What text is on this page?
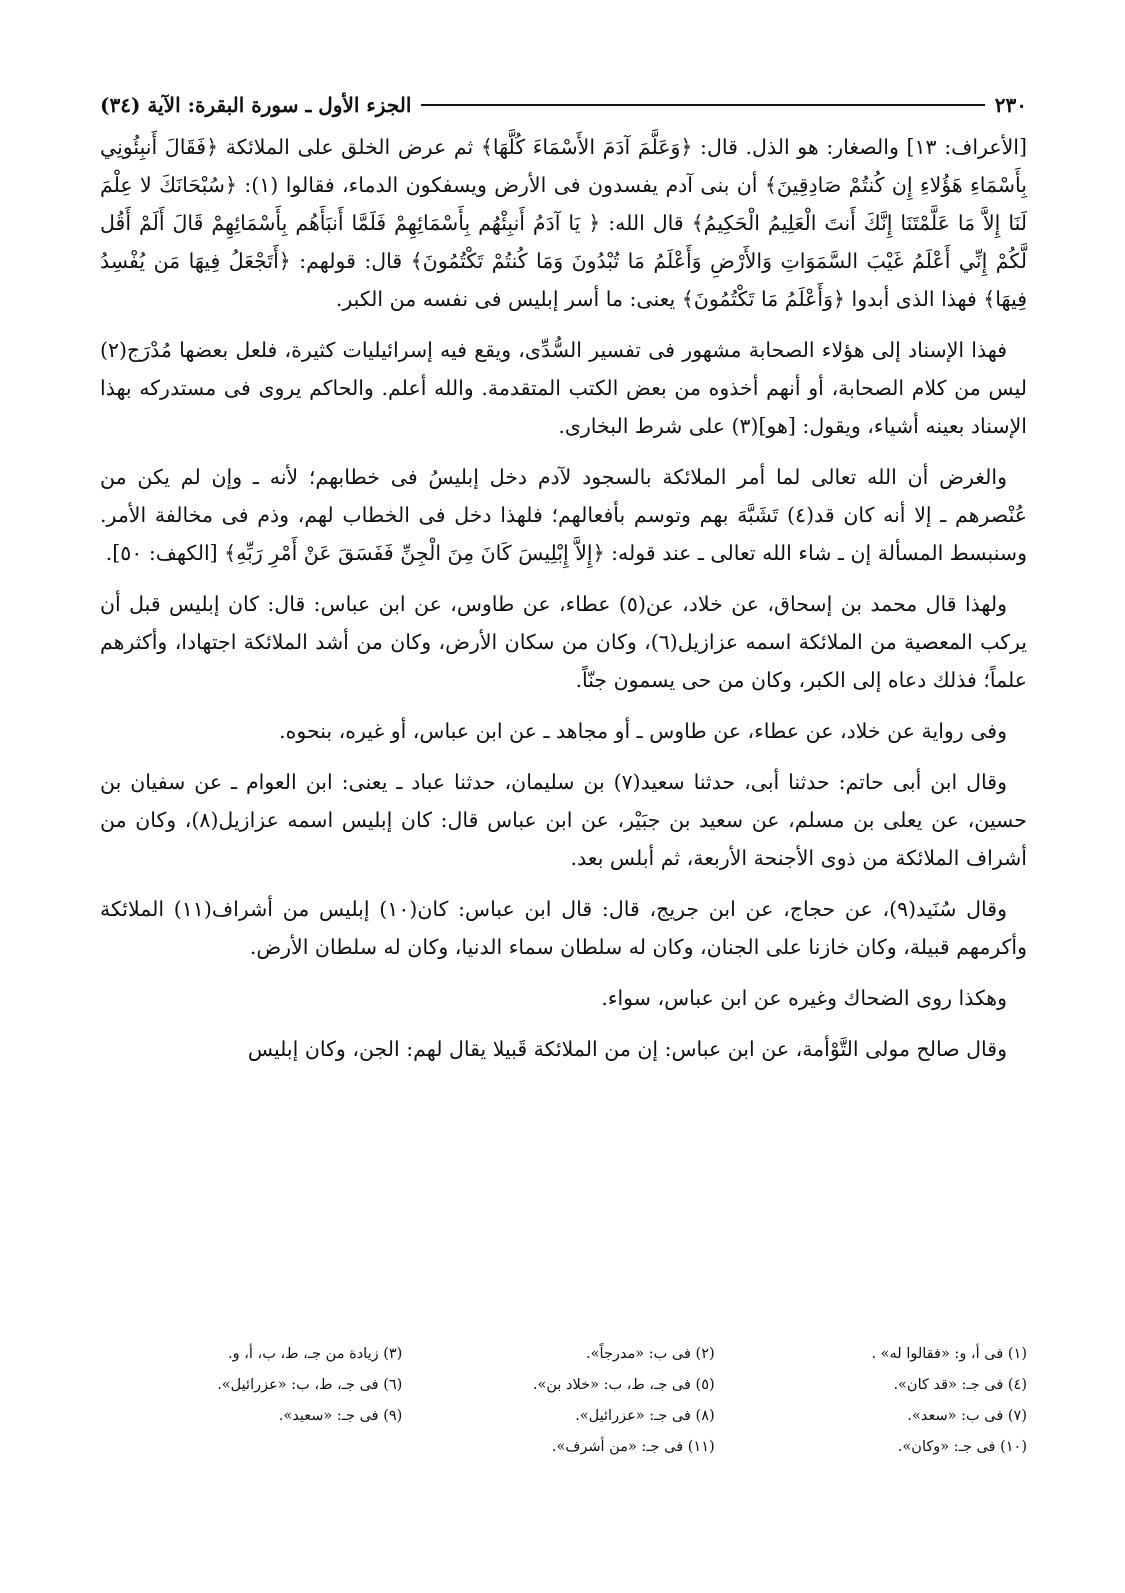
٢٣٠
الجزء الأول ـ سورة البقرة: الآية (٣٤)

[الأعراف: ١٣] والصغار: هو الذل. قال: ﴿وَعَلَّمَ آدَمَ الأَسْمَاءَ كُلَّهَا﴾ ثم عرض الخلق على الملائكة ﴿فَقَالَ أَنبِئُونِي بِأَسْمَاءِ هَؤُلاءِ إِن كُنتُمْ صَادِقِينَ﴾ أن بنى آدم يفسدون فى الأرض ويسفكون الدماء، فقالوا (١): ﴿سُبْحَانَكَ لا عِلْمَ لَنَا إِلاَّ مَا عَلَّمْتَنَا إِنَّكَ أَنتَ الْعَلِيمُ الْحَكِيمُ﴾ قال الله: ﴿ يَا آدَمُ أَنبِئْهُم بِأَسْمَائِهِمْ فَلَمَّا أَنبَأَهُم بِأَسْمَائِهِمْ قَالَ أَلَمْ أَقُل لَّكُمْ إِنِّي أَعْلَمُ غَيْبَ السَّمَوَاتِ وَالأَرْضِ وَأَعْلَمُ مَا تُبْدُونَ وَمَا كُنتُمْ تَكْتُمُونَ﴾ قال: قولهم: ﴿أَتَجْعَلُ فِيهَا مَن يُفْسِدُ فِيهَا﴾ فهذا الذى أبدوا ﴿وَأَعْلَمُ مَا تَكْتُمُونَ﴾ يعنى: ما أسر إبليس فى نفسه من الكبر.

فهذا الإسناد إلى هؤلاء الصحابة مشهور فى تفسير السُّدِّى، ويقع فيه إسرائيليات كثيرة، فلعل بعضها مُدْرَج(٢) ليس من كلام الصحابة، أو أنهم أخذوه من بعض الكتب المتقدمة. والله أعلم. والحاكم يروى فى مستدركه بهذا الإسناد بعينه أشياء، ويقول: [هو](٣) على شرط البخارى.

والغرض أن الله تعالى لما أمر الملائكة بالسجود لآدم دخل إبليسُ فى خطابهم؛ لأنه ـ وإن لم يكن من عُنْصرهم ـ إلا أنه كان قد(٤) تَشَبَّهَ بهم وتوسم بأفعالهم؛ فلهذا دخل فى الخطاب لهم، وذم فى مخالفة الأمر. وسنبسط المسألة إن ـ شاء الله تعالى ـ عند قوله: ﴿إِلاَّ إِبْلِيسَ كَانَ مِنَ الْجِنِّ فَفَسَقَ عَنْ أَمْرِ رَبِّهِ﴾ [الكهف: ٥٠].

ولهذا قال محمد بن إسحاق، عن خلاد، عن(٥) عطاء، عن طاوس، عن ابن عباس: قال: كان إبليس قبل أن يركب المعصية من الملائكة اسمه عزازيل(٦)، وكان من سكان الأرض، وكان من أشد الملائكة اجتهادا، وأكثرهم علماً؛ فذلك دعاه إلى الكبر، وكان من حى يسمون جنّاً.

وفى رواية عن خلاد، عن عطاء، عن طاوس ـ أو مجاهد ـ عن ابن عباس، أو غيره، بنحوه.

وقال ابن أبى حاتم: حدثنا أبى، حدثنا سعيد(٧) بن سليمان، حدثنا عباد ـ يعنى: ابن العوام ـ عن سفيان بن حسين، عن يعلى بن مسلم، عن سعيد بن جبَيْر، عن ابن عباس قال: كان إبليس اسمه عزازيل(٨)، وكان من أشراف الملائكة من ذوى الأجنحة الأربعة، ثم أبلس بعد.

وقال سُنَيد(٩)، عن حجاج، عن ابن جريج، قال: قال ابن عباس: كان(١٠) إبليس من أشراف(١١) الملائكة وأكرمهم قبيلة، وكان خازنا على الجنان، وكان له سلطان سماء الدنيا، وكان له سلطان الأرض.

وهكذا روى الضحاك وغيره عن ابن عباس، سواء.

وقال صالح مولى التَّوْأمة، عن ابن عباس: إن من الملائكة قَبيلا يقال لهم: الجن، وكان إبليس

(١) فى أ، و: «فقالوا له» .
(٢) فى ب: «مدرجاً».
(٣) زيادة من جـ، ط، ب، أ، و.
(٤) فى جـ: «قد كان».
(٥) فى جـ، ط، ب: «خلاد بن».
(٦) فى جـ، ط، ب: «عزرائيل».
(٧) فى ب: «سعد».
(٨) فى جـ: «عزرائيل».
(٩) فى جـ: «سعيد».
(١٠) فى جـ: «وكان».
(١١) فى جـ: «من أشرف».
